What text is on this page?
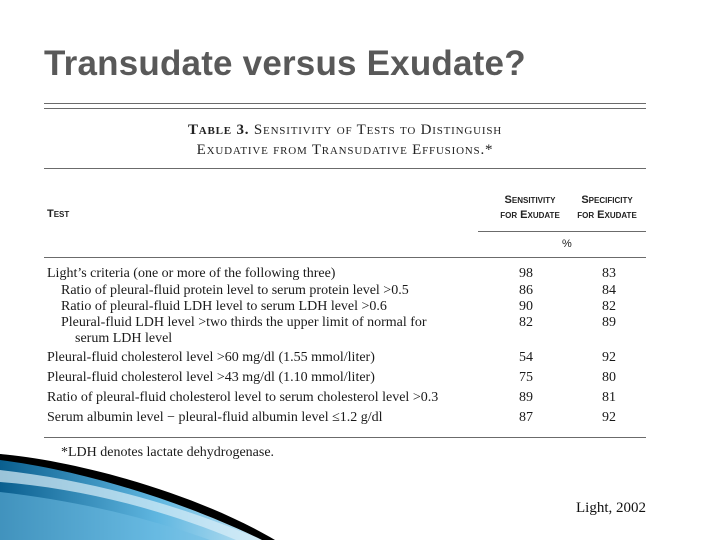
Transudate versus Exudate?
Table 3. Sensitivity of Tests to Distinguish
Exudative from Transudative Effusions.*
Test
Sensitivity
for Exudate
Specificity
for Exudate
%
Light’s criteria (one or more of the following three)	98	83
Ratio of pleural-fluid protein level to serum protein level >0.5	86	84
Ratio of pleural-fluid LDH level to serum LDH level >0.6	90	82
Pleural-fluid LDH level >two thirds the upper limit of normal for
serum LDH level
82	89
Pleural-fluid cholesterol level >60 mg/dl (1.55 mmol/liter)	54	92
Pleural-fluid cholesterol level >43 mg/dl (1.10 mmol/liter)	75	80
Ratio of pleural-fluid cholesterol level to serum cholesterol level >0.3	89	81
Serum albumin level − pleural-fluid albumin level ≤1.2 g/dl	87	92
*LDH denotes lactate dehydrogenase.
Light, 2002
